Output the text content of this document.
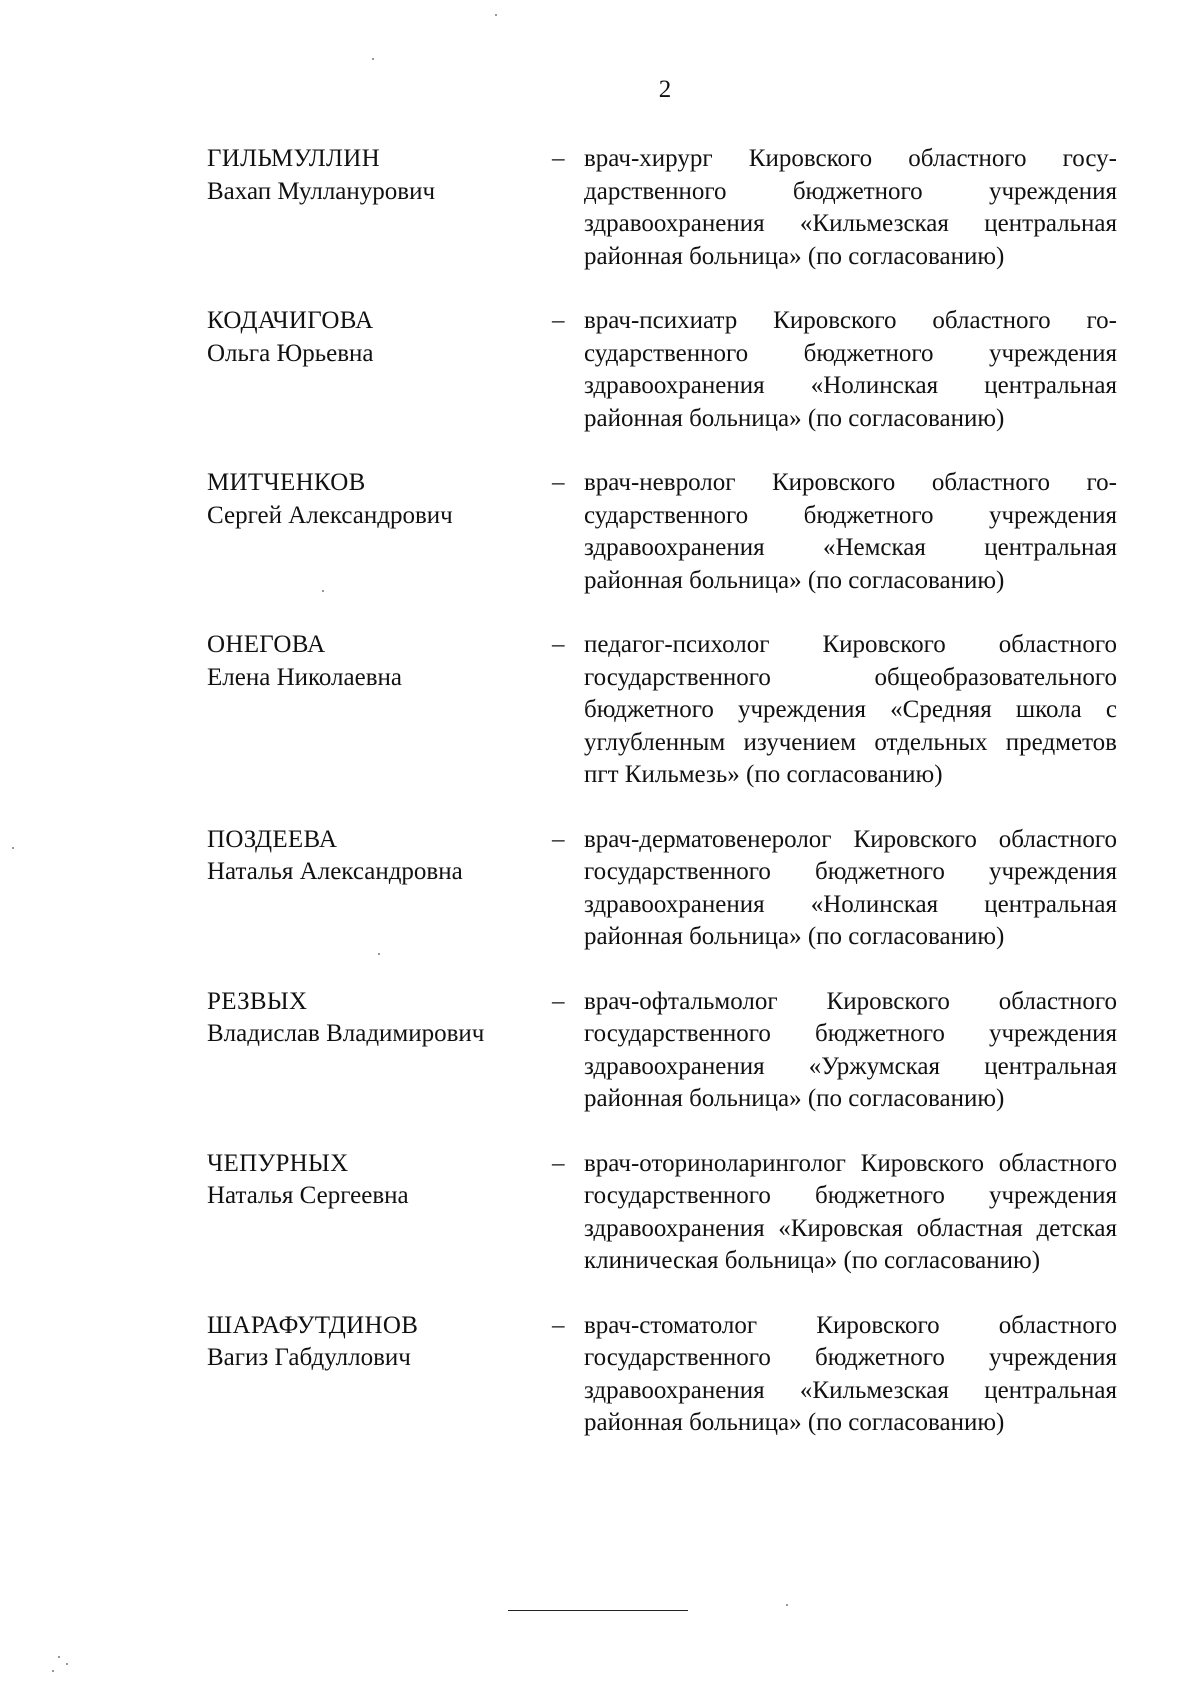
2
ГИЛЬМУЛЛИН
Вахап Мулланурович
– врач-хирург Кировского областного государственного бюджетного учреждения здравоохранения «Кильмезская центральная районная больница» (по согласованию)
КОДАЧИГОВА
Ольга Юрьевна
– врач-психиатр Кировского областного государственного бюджетного учреждения здравоохранения «Нолинская центральная районная больница» (по согласованию)
МИТЧЕНКОВ
Сергей Александрович
– врач-невролог Кировского областного государственного бюджетного учреждения здравоохранения «Немская центральная районная больница» (по согласованию)
ОНЕГОВА
Елена Николаевна
– педагог-психолог Кировского областного государственного общеобразовательного бюджетного учреждения «Средняя школа с углубленным изучением отдельных предметов пгт Кильмезь» (по согласованию)
ПОЗДЕЕВА
Наталья Александровна
– врач-дерматовенеролог Кировского областного государственного бюджетного учреждения здравоохранения «Нолинская центральная районная больница» (по согласованию)
РЕЗВЫХ
Владислав Владимирович
– врач-офтальмолог Кировского областного государственного бюджетного учреждения здравоохранения «Уржумская центральная районная больница» (по согласованию)
ЧЕПУРНЫХ
Наталья Сергеевна
– врач-оториноларинголог Кировского областного государственного бюджетного учреждения здравоохранения «Кировская областная детская клиническая больница» (по согласованию)
ШАРАФУТДИНОВ
Вагиз Габдуллович
– врач-стоматолог Кировского областного государственного бюджетного учреждения здравоохранения «Кильмезская центральная районная больница» (по согласованию)
